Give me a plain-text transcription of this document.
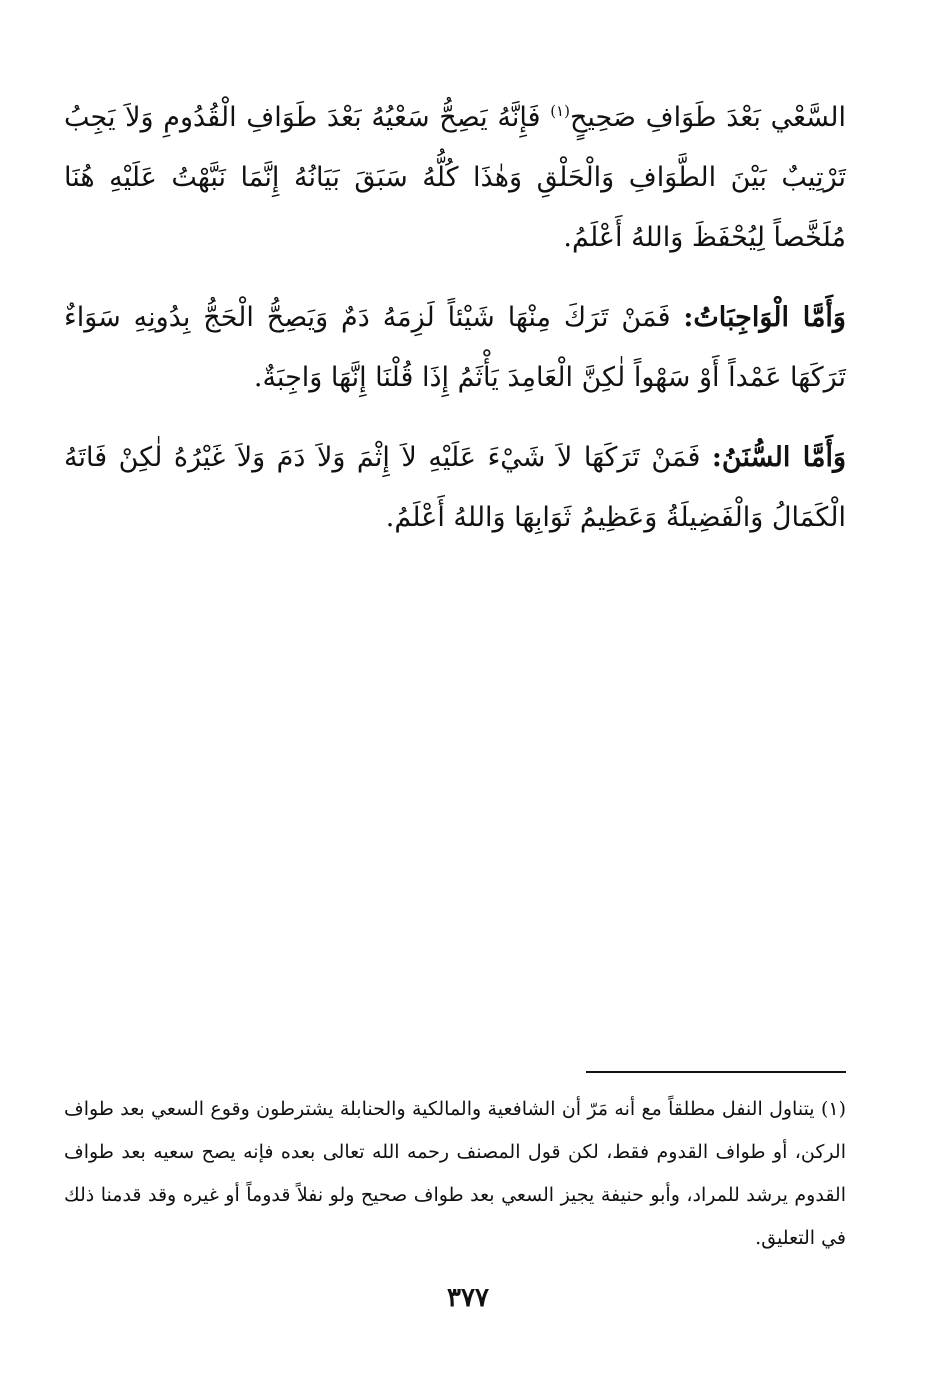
السَّعْي بَعْدَ طَوَافِ صَحِيحٍ$^{(١)}$ فَإِنَّهُ يَصِحُّ سَعْيُهُ بَعْدَ طَوَافِ الْقُدُومِ وَلاَ يَجِبُ تَرْتِيبٌ بَيْنَ الطَّوَافِ وَالْحَلْقِ وَهٰذَا كُلُّهُ سَبَقَ بَيَانُهُ إِنَّمَا نَبَّهْتُ عَلَيْهِ هُنَا مُلَخَّصاً لِيُحْفَظَ وَاللهُ أَعْلَمُ.

وَأَمَّا الْوَاجِبَاتُ: فَمَنْ تَرَكَ مِنْهَا شَيْئاً لَزِمَهُ دَمٌ وَيَصِحُّ الْحَجُّ بِدُونِهِ سَوَاءٌ تَرَكَهَا عَمْداً أَوْ سَهْواً لٰكِنَّ الْعَامِدَ يَأْثَمُ إِذَا قُلْنَا إِنَّهَا وَاجِبَةٌ.

وَأَمَّا السُّنَنُ: فَمَنْ تَرَكَهَا لاَ شَيْءَ عَلَيْهِ لاَ إِثْمَ وَلاَ دَمَ وَلاَ غَيْرُهُ لٰكِنْ فَاتَهُ الْكَمَالُ وَالْفَضِيلَةُ وَعَظِيمُ ثَوَابِهَا وَاللهُ أَعْلَمُ.

(١) يتناول النفل مطلقاً مع أنه مَرّ أن الشافعية والمالكية والحنابلة يشترطون وقوع السعي بعد طواف الركن، أو طواف القدوم فقط، لكن قول المصنف رحمه الله تعالى بعده فإنه يصح سعيه بعد طواف القدوم يرشد للمراد، وأبو حنيفة يجيز السعي بعد طواف صحيح ولو نفلاً قدوماً أو غيره وقد قدمنا ذلك في التعليق.

٣٧٧
